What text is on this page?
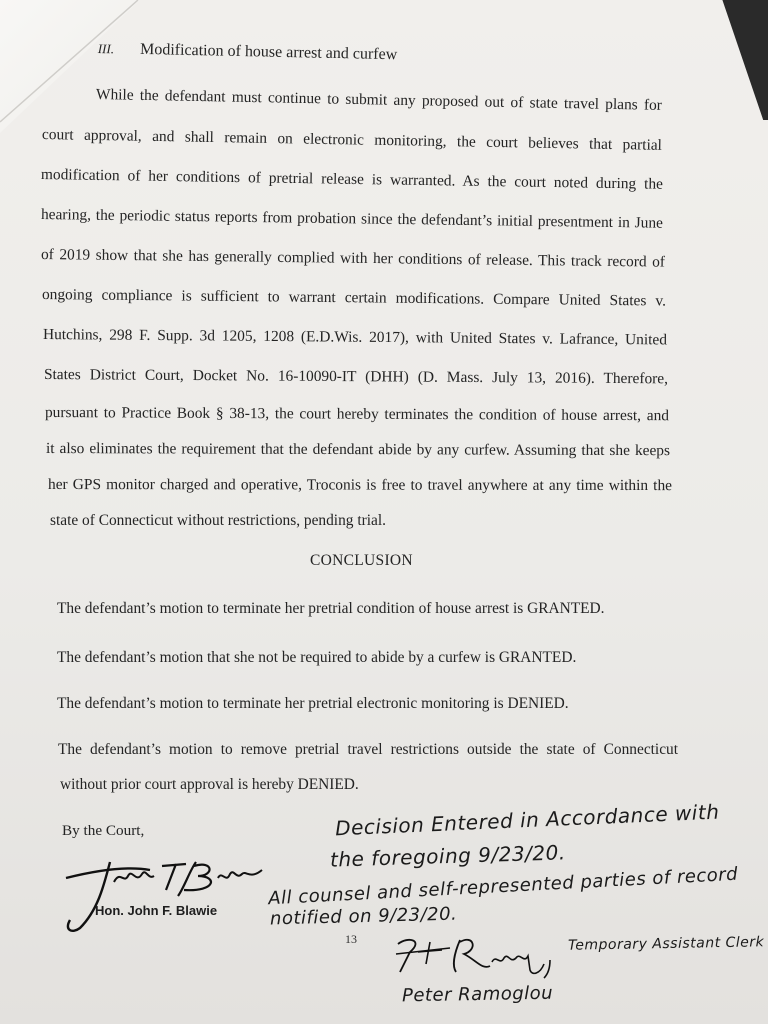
III. Modification of house arrest and curfew
While the defendant must continue to submit any proposed out of state travel plans for
court approval, and shall remain on electronic monitoring, the court believes that partial
modification of her conditions of pretrial release is warranted. As the court noted during the
hearing, the periodic status reports from probation since the defendant’s initial presentment in June
of 2019 show that she has generally complied with her conditions of release. This track record of
ongoing compliance is sufficient to warrant certain modifications. Compare United States v.
Hutchins, 298 F. Supp. 3d 1205, 1208 (E.D.Wis. 2017), with United States v. Lafrance, United
States District Court, Docket No. 16-10090-IT (DHH) (D. Mass. July 13, 2016). Therefore,
pursuant to Practice Book § 38-13, the court hereby terminates the condition of house arrest, and
it also eliminates the requirement that the defendant abide by any curfew. Assuming that she keeps
her GPS monitor charged and operative, Troconis is free to travel anywhere at any time within the
state of Connecticut without restrictions, pending trial.
CONCLUSION
The defendant’s motion to terminate her pretrial condition of house arrest is GRANTED.
The defendant’s motion that she not be required to abide by a curfew is GRANTED.
The defendant’s motion to terminate her pretrial electronic monitoring is DENIED.
The defendant’s motion to remove pretrial travel restrictions outside the state of Connecticut
without prior court approval is hereby DENIED.
By the Court,
Hon. John F. Blawie
13
Decision Entered in Accordance with
the foregoing 9/23/20.
All counsel and self-represented parties of record
notified on 9/23/20.
Temporary Assistant Clerk
Peter Ramoglou
